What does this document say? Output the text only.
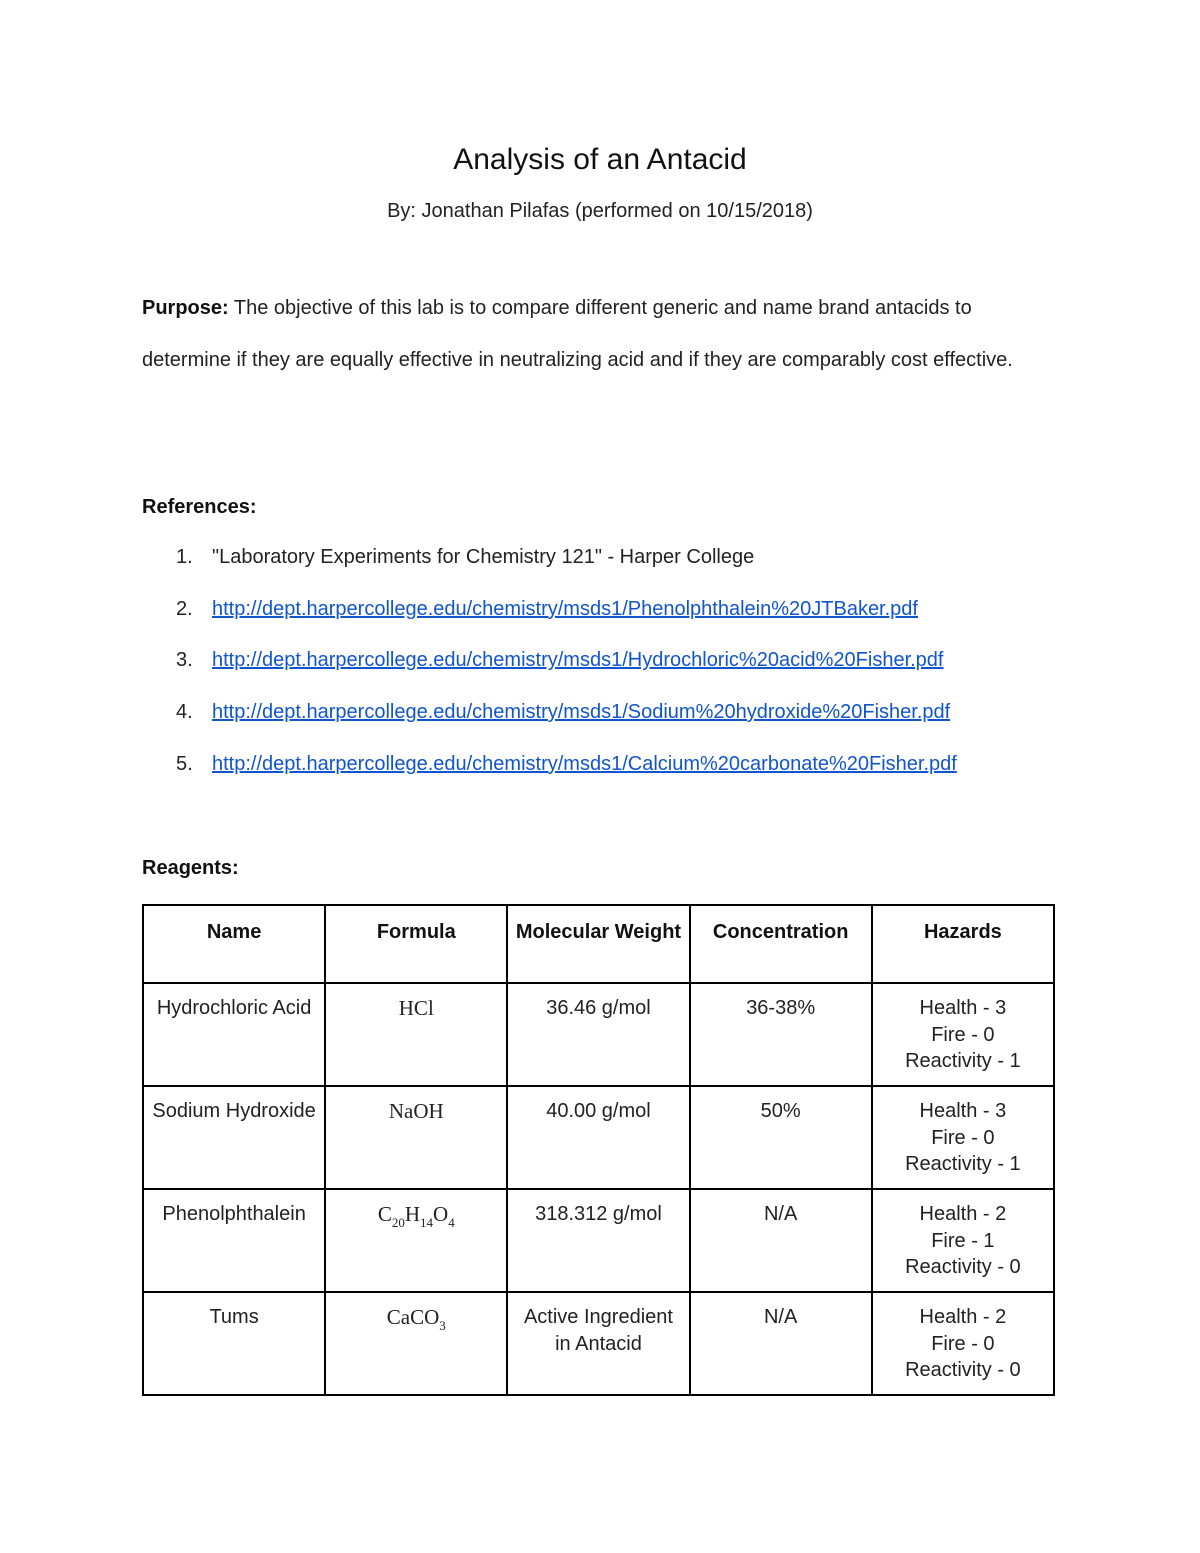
Analysis of an Antacid
By: Jonathan Pilafas (performed on 10/15/2018)
Purpose: The objective of this lab is to compare different generic and name brand antacids to determine if they are equally effective in neutralizing acid and if they are comparably cost effective.
References:
1. "Laboratory Experiments for Chemistry 121" - Harper College
2. http://dept.harpercollege.edu/chemistry/msds1/Phenolphthalein%20JTBaker.pdf
3. http://dept.harpercollege.edu/chemistry/msds1/Hydrochloric%20acid%20Fisher.pdf
4. http://dept.harpercollege.edu/chemistry/msds1/Sodium%20hydroxide%20Fisher.pdf
5. http://dept.harpercollege.edu/chemistry/msds1/Calcium%20carbonate%20Fisher.pdf
Reagents:
Name	Formula	Molecular Weight	Concentration	Hazards
Hydrochloric Acid	HCl	36.46 g/mol	36-38%	Health - 3
Fire - 0
Reactivity - 1

Sodium Hydroxide	NaOH	40.00 g/mol	50%	Health - 3
Fire - 0
Reactivity - 1

Phenolphthalein	$C_{20}H_{14}O_4$	318.312 g/mol	N/A	Health - 2
Fire - 1
Reactivity - 0

Tums	CaCO$_3$	Active Ingredient in Antacid	N/A	Health - 2
Fire - 0
Reactivity - 0
